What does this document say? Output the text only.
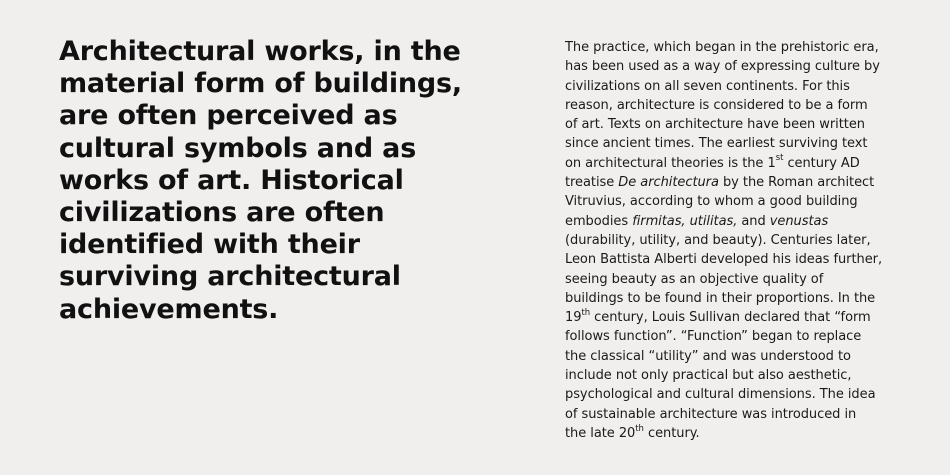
Architectural works, in the
material form of buildings,
are often perceived as
cultural symbols and as
works of art. Historical
civilizations are often
identified with their
surviving architectural
achievements.
The practice, which began in the prehistoric era,
has been used as a way of expressing culture by
civilizations on all seven continents. For this
reason, architecture is considered to be a form
of art. Texts on architecture have been written
since ancient times. The earliest surviving text
on architectural theories is the 1st century AD
treatise De architectura by the Roman architect
Vitruvius, according to whom a good building
embodies firmitas, utilitas, and venustas
(durability, utility, and beauty). Centuries later,
Leon Battista Alberti developed his ideas further,
seeing beauty as an objective quality of
buildings to be found in their proportions. In the
19th century, Louis Sullivan declared that “form
follows function”. “Function” began to replace
the classical “utility” and was understood to
include not only practical but also aesthetic,
psychological and cultural dimensions. The idea
of sustainable architecture was introduced in
the late 20th century.
